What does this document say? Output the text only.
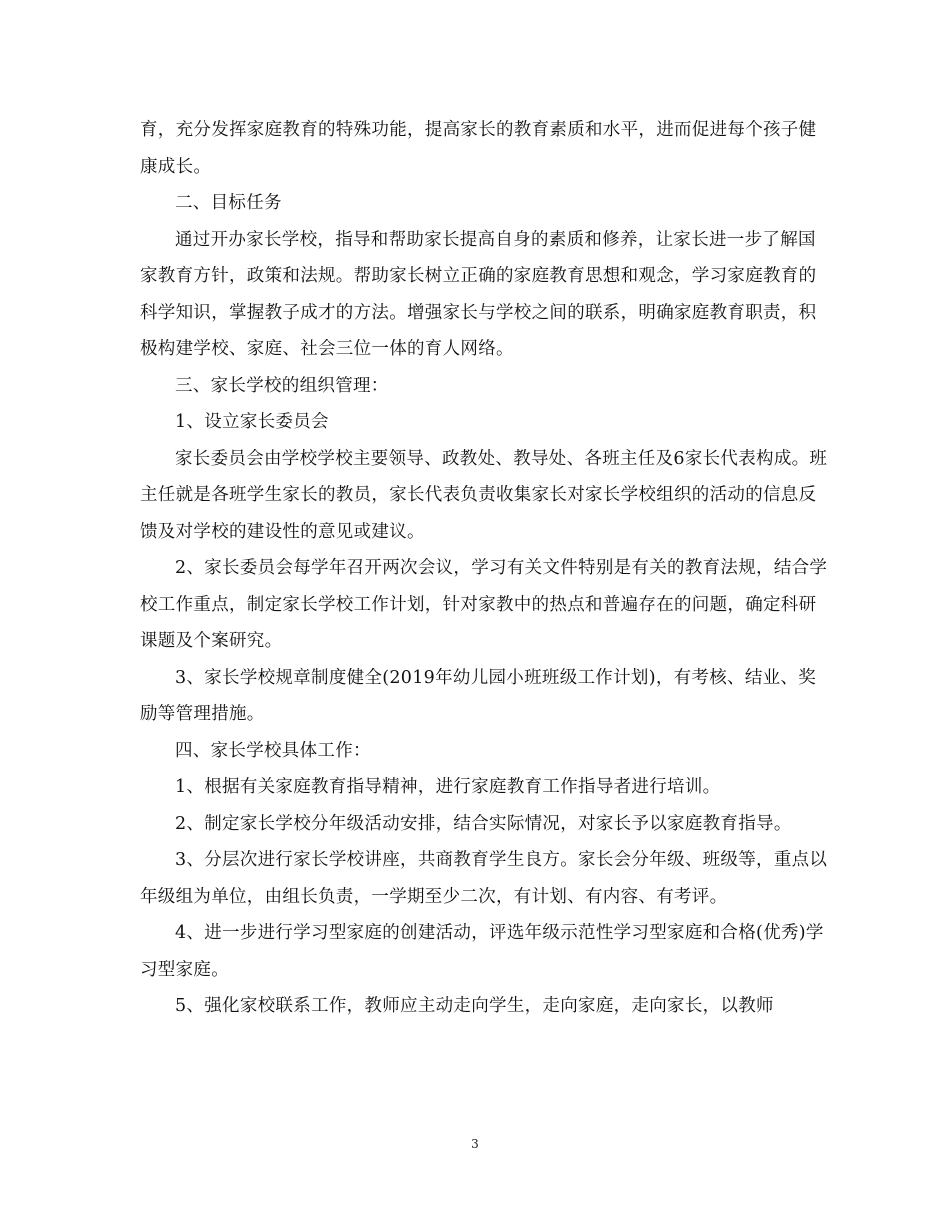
育，充分发挥家庭教育的特殊功能，提高家长的教育素质和水平，进而促进每个孩子健康成长。

二、目标任务

通过开办家长学校，指导和帮助家长提高自身的素质和修养，让家长进一步了解国家教育方针，政策和法规。帮助家长树立正确的家庭教育思想和观念，学习家庭教育的科学知识，掌握教子成才的方法。增强家长与学校之间的联系，明确家庭教育职责，积极构建学校、家庭、社会三位一体的育人网络。

三、家长学校的组织管理：

1、设立家长委员会

家长委员会由学校学校主要领导、政教处、教导处、各班主任及6家长代表构成。班主任就是各班学生家长的教员，家长代表负责收集家长对家长学校组织的活动的信息反馈及对学校的建设性的意见或建议。

2、家长委员会每学年召开两次会议，学习有关文件特别是有关的教育法规，结合学校工作重点，制定家长学校工作计划，针对家教中的热点和普遍存在的问题，确定科研课题及个案研究。

3、家长学校规章制度健全(2019年幼儿园小班班级工作计划)，有考核、结业、奖励等管理措施。

四、家长学校具体工作：

1、根据有关家庭教育指导精神，进行家庭教育工作指导者进行培训。

2、制定家长学校分年级活动安排，结合实际情况，对家长予以家庭教育指导。

3、分层次进行家长学校讲座，共商教育学生良方。家长会分年级、班级等，重点以年级组为单位，由组长负责，一学期至少二次，有计划、有内容、有考评。

4、进一步进行学习型家庭的创建活动，评选年级示范性学习型家庭和合格(优秀)学习型家庭。

5、强化家校联系工作，教师应主动走向学生，走向家庭，走向家长，以教师

3
